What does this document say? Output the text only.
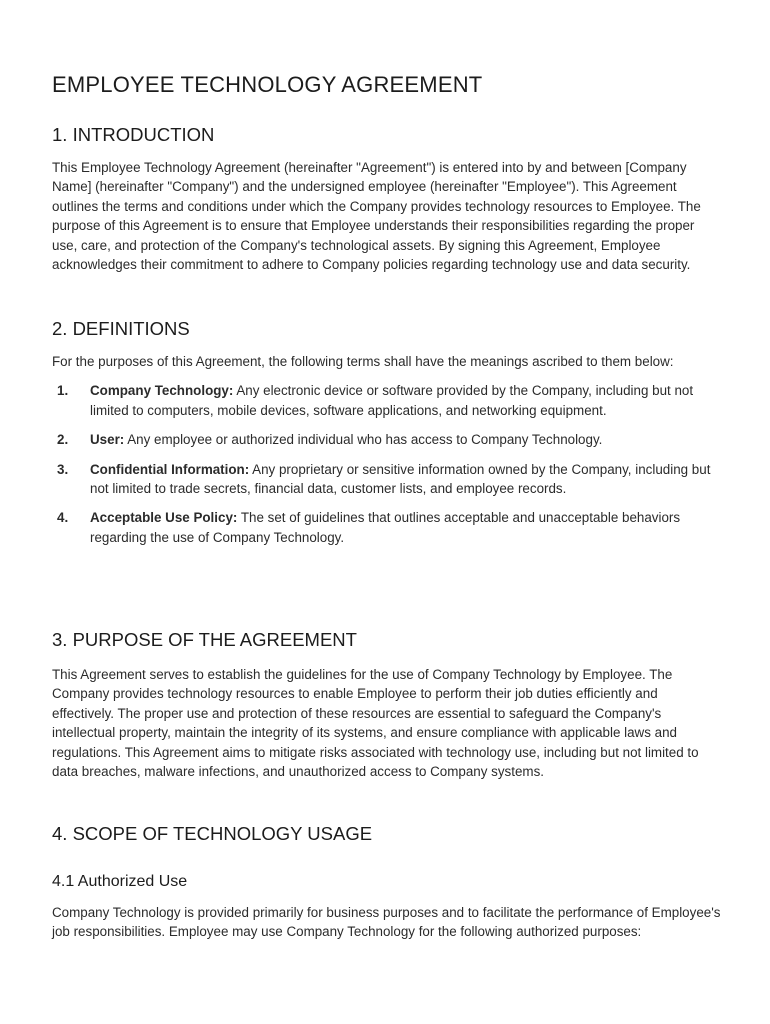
EMPLOYEE TECHNOLOGY AGREEMENT
1. INTRODUCTION

This Employee Technology Agreement (hereinafter "Agreement") is entered into by and between [Company Name] (hereinafter "Company") and the undersigned employee (hereinafter "Employee"). This Agreement outlines the terms and conditions under which the Company provides technology resources to Employee. The purpose of this Agreement is to ensure that Employee understands their responsibilities regarding the proper use, care, and protection of the Company's technological assets. By signing this Agreement, Employee acknowledges their commitment to adhere to Company policies regarding technology use and data security.

2. DEFINITIONS

For the purposes of this Agreement, the following terms shall have the meanings ascribed to them below:

1. Company Technology: Any electronic device or software provided by the Company, including but not limited to computers, mobile devices, software applications, and networking equipment.
2. User: Any employee or authorized individual who has access to Company Technology.
3. Confidential Information: Any proprietary or sensitive information owned by the Company, including but not limited to trade secrets, financial data, customer lists, and employee records.
4. Acceptable Use Policy: The set of guidelines that outlines acceptable and unacceptable behaviors regarding the use of Company Technology.
3. PURPOSE OF THE AGREEMENT

This Agreement serves to establish the guidelines for the use of Company Technology by Employee. The Company provides technology resources to enable Employee to perform their job duties efficiently and effectively. The proper use and protection of these resources are essential to safeguard the Company's intellectual property, maintain the integrity of its systems, and ensure compliance with applicable laws and regulations. This Agreement aims to mitigate risks associated with technology use, including but not limited to data breaches, malware infections, and unauthorized access to Company systems.

4. SCOPE OF TECHNOLOGY USAGE
4.1 Authorized Use

Company Technology is provided primarily for business purposes and to facilitate the performance of Employee's job responsibilities. Employee may use Company Technology for the following authorized purposes:
